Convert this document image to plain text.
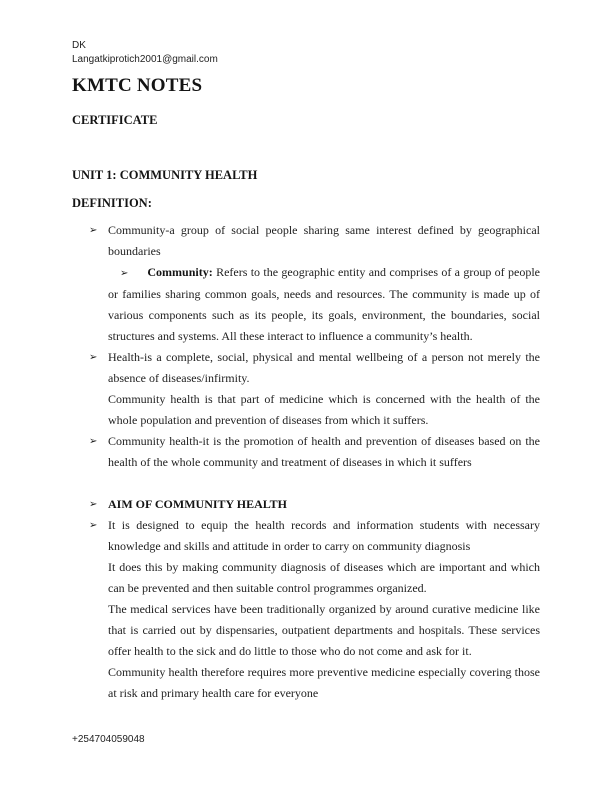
DK
Langatkiprotich2001@gmail.com
KMTC NOTES
CERTIFICATE
UNIT 1: COMMUNITY HEALTH
DEFINITION:

➢ Community-a group of social people sharing same interest defined by geographical boundaries

➢ Community: Refers to the geographic entity and comprises of a group of people or families sharing common goals, needs and resources. The community is made up of various components such as its people, its goals, environment, the boundaries, social structures and systems. All these interact to influence a community’s health.

➢ Health-is a complete, social, physical and mental wellbeing of a person not merely the absence of diseases/infirmity.

Community health is that part of medicine which is concerned with the health of the whole population and prevention of diseases from which it suffers.

➢ Community health-it is the promotion of health and prevention of diseases based on the health of the whole community and treatment of diseases in which it suffers

➢ AIM OF COMMUNITY HEALTH

➢ It is designed to equip the health records and information students with necessary knowledge and skills and attitude in order to carry on community diagnosis

It does this by making community diagnosis of diseases which are important and which can be prevented and then suitable control programmes organized.

The medical services have been traditionally organized by around curative medicine like that is carried out by dispensaries, outpatient departments and hospitals. These services offer health to the sick and do little to those who do not come and ask for it.

Community health therefore requires more preventive medicine especially covering those at risk and primary health care for everyone

+254704059048
